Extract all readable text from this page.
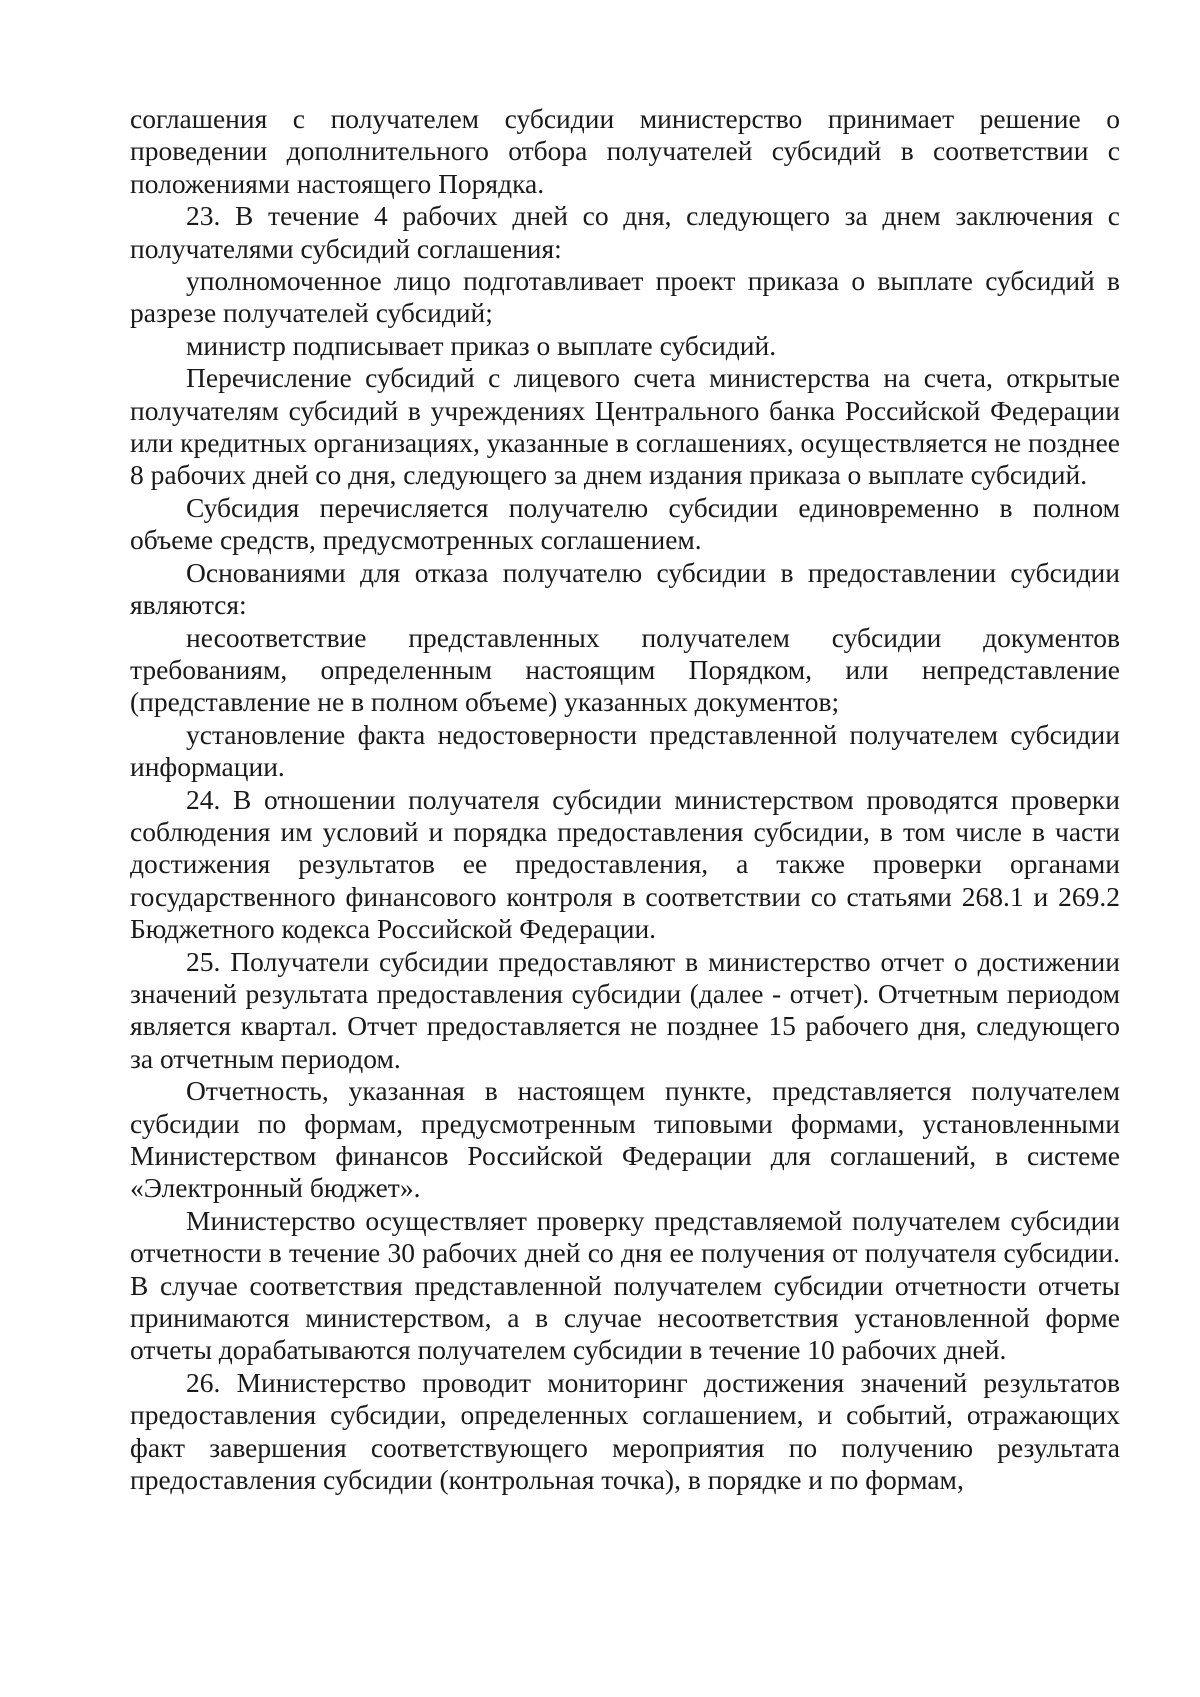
соглашения с получателем субсидии министерство принимает решение о проведении дополнительного отбора получателей субсидий в соответствии с положениями настоящего Порядка.

23. В течение 4 рабочих дней со дня, следующего за днем заключения с получателями субсидий соглашения:

уполномоченное лицо подготавливает проект приказа о выплате субсидий в разрезе получателей субсидий;

министр подписывает приказ о выплате субсидий.

Перечисление субсидий с лицевого счета министерства на счета, открытые получателям субсидий в учреждениях Центрального банка Российской Федерации или кредитных организациях, указанные в соглашениях, осуществляется не позднее 8 рабочих дней со дня, следующего за днем издания приказа о выплате субсидий.

Субсидия перечисляется получателю субсидии единовременно в полном объеме средств, предусмотренных соглашением.

Основаниями для отказа получателю субсидии в предоставлении субсидии являются:

несоответствие представленных получателем субсидии документов требованиям, определенным настоящим Порядком, или непредставление (представление не в полном объеме) указанных документов;

установление факта недостоверности представленной получателем субсидии информации.

24. В отношении получателя субсидии министерством проводятся проверки соблюдения им условий и порядка предоставления субсидии, в том числе в части достижения результатов ее предоставления, а также проверки органами государственного финансового контроля в соответствии со статьями 268.1 и 269.2 Бюджетного кодекса Российской Федерации.

25. Получатели субсидии предоставляют в министерство отчет о достижении значений результата предоставления субсидии (далее - отчет). Отчетным периодом является квартал. Отчет предоставляется не позднее 15 рабочего дня, следующего за отчетным периодом.

Отчетность, указанная в настоящем пункте, представляется получателем субсидии по формам, предусмотренным типовыми формами, установленными Министерством финансов Российской Федерации для соглашений, в системе «Электронный бюджет».

Министерство осуществляет проверку представляемой получателем субсидии отчетности в течение 30 рабочих дней со дня ее получения от получателя субсидии. В случае соответствия представленной получателем субсидии отчетности отчеты принимаются министерством, а в случае несоответствия установленной форме отчеты дорабатываются получателем субсидии в течение 10 рабочих дней.

26. Министерство проводит мониторинг достижения значений результатов предоставления субсидии, определенных соглашением, и событий, отражающих факт завершения соответствующего мероприятия по получению результата предоставления субсидии (контрольная точка), в порядке и по формам,
